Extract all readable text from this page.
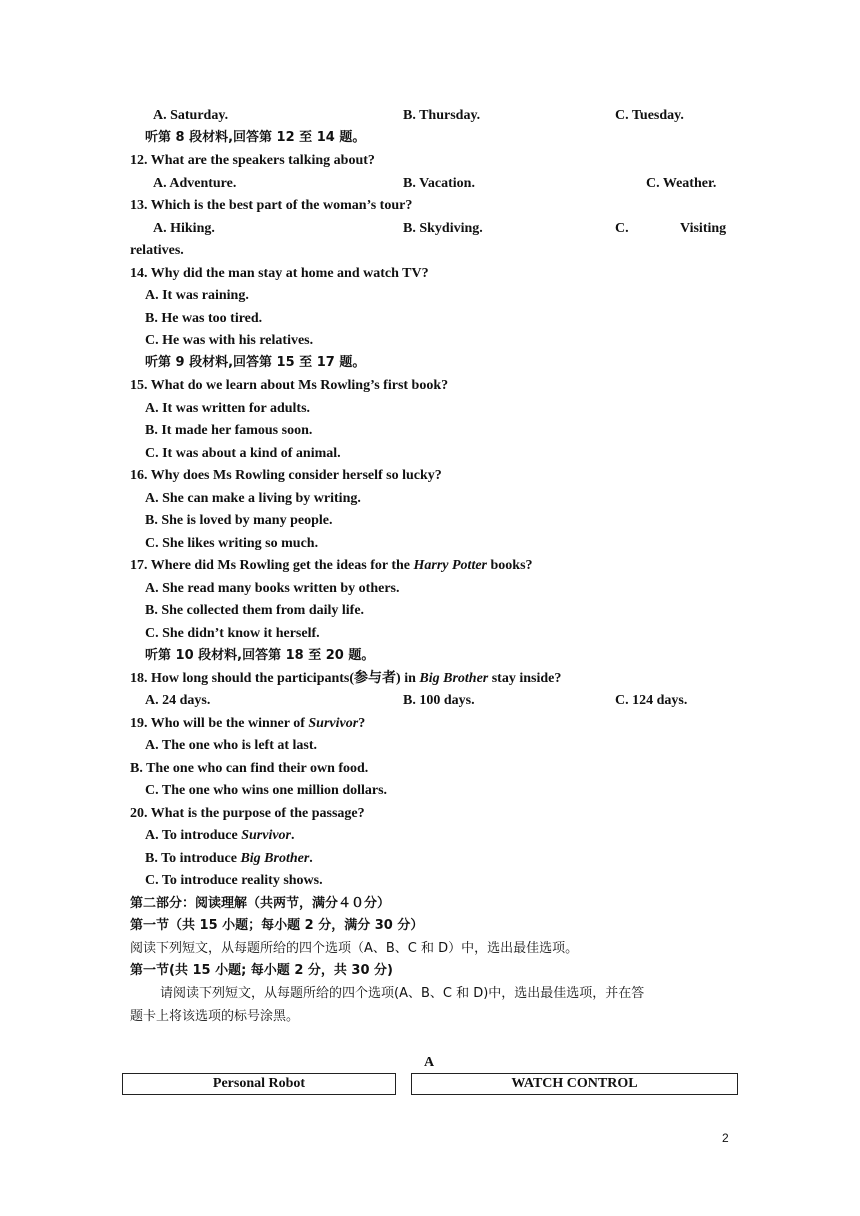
A. Saturday.	B. Thursday.	C. Tuesday.
听第 8 段材料,回答第 12 至 14 题。
12. What are the speakers talking about?
A. Adventure.	B. Vacation.	C. Weather.
13. Which is the best part of the woman’s tour?
A. Hiking.	B. Skydiving.	C.	Visiting
relatives.
14. Why did the man stay at home and watch TV?
A. It was raining.
B. He was too tired.
C. He was with his relatives.
听第 9 段材料,回答第 15 至 17 题。
15. What do we learn about Ms Rowling’s first book?
A. It was written for adults.
B. It made her famous soon.
C. It was about a kind of animal.
16. Why does Ms Rowling consider herself so lucky?
A. She can make a living by writing.
B. She is loved by many people.
C. She likes writing so much.
17. Where did Ms Rowling get the ideas for the Harry Potter books?
A. She read many books written by others.
B. She collected them from daily life.
C. She didn’t know it herself.
听第 10 段材料,回答第 18 至 20 题。
18. How long should the participants(参与者) in Big Brother stay inside?
A. 24 days.	B. 100 days.	C. 124 days.
19. Who will be the winner of Survivor?
A. The one who is left at last.
B. The one who can find their own food.
C. The one who wins one million dollars.
20. What is the purpose of the passage?
A. To introduce Survivor.
B. To introduce Big Brother.
C. To introduce reality shows.
第二部分：阅读理解（共两节，满分４０分）
第一节（共 15 小题；每小题 2 分，满分 30 分）
阅读下列短文，从每题所给的四个选项（A、B、C 和 D）中，选出最佳选项。
第一节(共 15 小题; 每小题 2 分，共 30 分)
请阅读下列短文，从每题所给的四个选项(A、B、C 和 D)中，选出最佳选项，并在答
题卡上将该选项的标号涂黑。
A
Personal Robot	WATCH CONTROL
2
